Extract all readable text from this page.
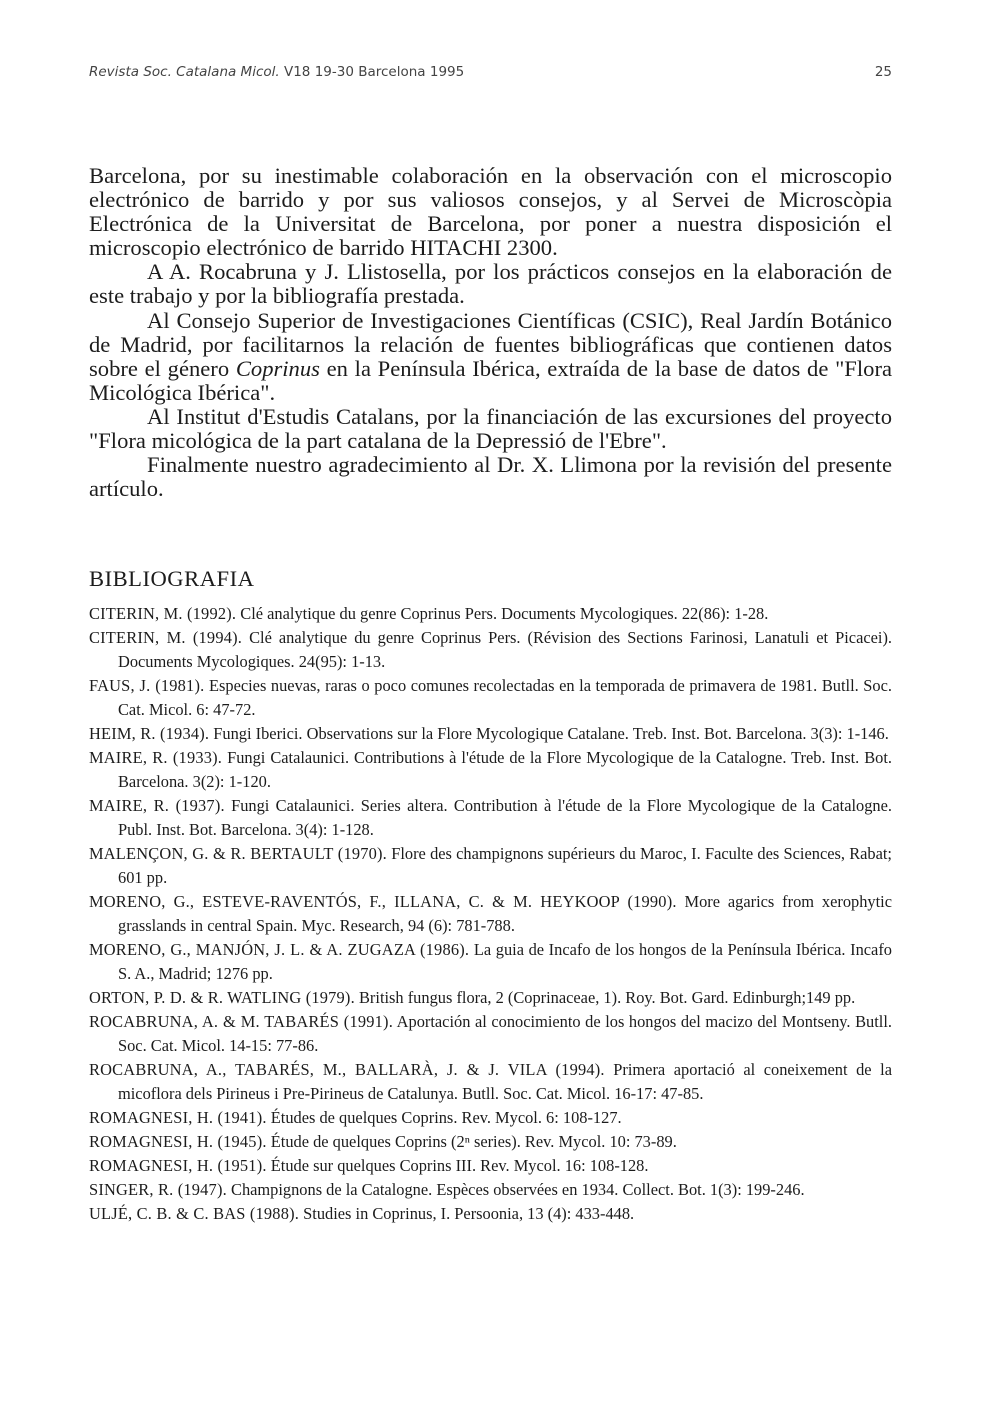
Revista Soc. Catalana Micol. V18 19-30 Barcelona 1995	25

Barcelona, por su inestimable colaboración en la observación con el microscopio electrónico de barrido y por sus valiosos consejos, y al Servei de Microscòpia Electrónica de la Universitat de Barcelona, por poner a nuestra disposición el microscopio electrónico de barrido HITACHI 2300.

A A. Rocabruna y J. Llistosella, por los prácticos consejos en la elaboración de este trabajo y por la bibliografía prestada.

Al Consejo Superior de Investigaciones Científicas (CSIC), Real Jardín Botánico de Madrid, por facilitarnos la relación de fuentes bibliográficas que contienen datos sobre el género Coprinus en la Península Ibérica, extraída de la base de datos de "Flora Micológica Ibérica".

Al Institut d'Estudis Catalans, por la financiación de las excursiones del proyecto "Flora micológica de la part catalana de la Depressió de l'Ebre".

Finalmente nuestro agradecimiento al Dr. X. Llimona por la revisión del presente artículo.

BIBLIOGRAFIA

CITERIN, M. (1992). Clé analytique du genre Coprinus Pers. Documents Mycologiques. 22(86): 1-28.

CITERIN, M. (1994). Clé analytique du genre Coprinus Pers. (Révision des Sections Farinosi, Lanatuli et Picacei). Documents Mycologiques. 24(95): 1-13.

FAUS, J. (1981). Especies nuevas, raras o poco comunes recolectadas en la temporada de primavera de 1981. Butll. Soc. Cat. Micol. 6: 47-72.

HEIM, R. (1934). Fungi Iberici. Observations sur la Flore Mycologique Catalane. Treb. Inst. Bot. Barcelona. 3(3): 1-146.

MAIRE, R. (1933). Fungi Catalaunici. Contributions à l'étude de la Flore Mycologique de la Catalogne. Treb. Inst. Bot. Barcelona. 3(2): 1-120.

MAIRE, R. (1937). Fungi Catalaunici. Series altera. Contribution à l'étude de la Flore Mycologique de la Catalogne. Publ. Inst. Bot. Barcelona. 3(4): 1-128.

MALENÇON, G. & R. BERTAULT (1970). Flore des champignons supérieurs du Maroc, I. Faculte des Sciences, Rabat; 601 pp.

MORENO, G., ESTEVE-RAVENTÓS, F., ILLANA, C. & M. HEYKOOP (1990). More agarics from xerophytic grasslands in central Spain. Myc. Research, 94 (6): 781-788.

MORENO, G., MANJÓN, J. L. & A. ZUGAZA (1986). La guia de Incafo de los hongos de la Península Ibérica. Incafo S. A., Madrid; 1276 pp.

ORTON, P. D. & R. WATLING (1979). British fungus flora, 2 (Coprinaceae, 1). Roy. Bot. Gard. Edinburgh;149 pp.

ROCABRUNA, A. & M. TABARÉS (1991). Aportación al conocimiento de los hongos del macizo del Montseny. Butll. Soc. Cat. Micol. 14-15: 77-86.

ROCABRUNA, A., TABARÉS, M., BALLARÀ, J. & J. VILA (1994). Primera aportació al coneixement de la micoflora dels Pirineus i Pre-Pirineus de Catalunya. Butll. Soc. Cat. Micol. 16-17: 47-85.

ROMAGNESI, H. (1941). Études de quelques Coprins. Rev. Mycol. 6: 108-127.

ROMAGNESI, H. (1945). Étude de quelques Coprins (2ⁿ series). Rev. Mycol. 10: 73-89.

ROMAGNESI, H. (1951). Étude sur quelques Coprins III. Rev. Mycol. 16: 108-128.

SINGER, R. (1947). Champignons de la Catalogne. Espèces observées en 1934. Collect. Bot. 1(3): 199-246.

ULJÉ, C. B. & C. BAS (1988). Studies in Coprinus, I. Persoonia, 13 (4): 433-448.
